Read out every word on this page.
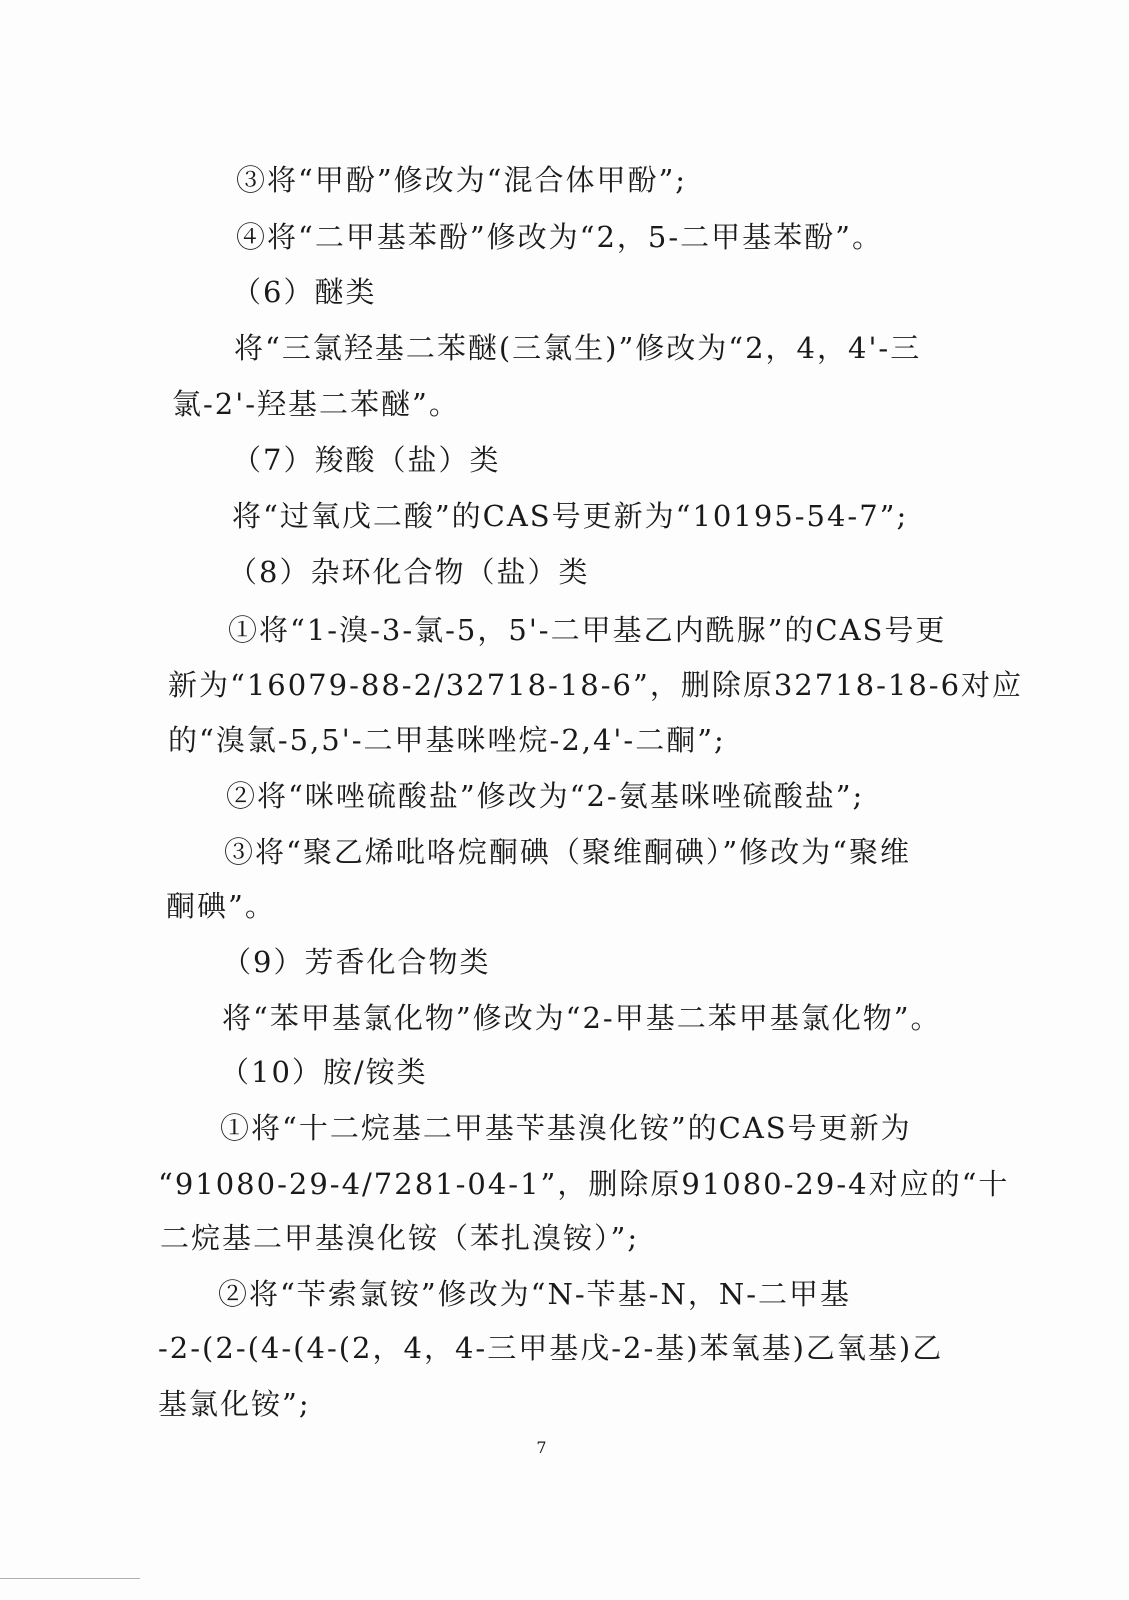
③将“甲酚”修改为“混合体甲酚”;
④将“二甲基苯酚”修改为“2，5-二甲基苯酚”。
（6）醚类
将“三氯羟基二苯醚(三氯生)”修改为“2，4，4'-三
氯-2'-羟基二苯醚”。
（7）羧酸（盐）类
将“过氧戊二酸”的CAS号更新为“10195-54-7”;
（8）杂环化合物（盐）类
①将“1-溴-3-氯-5，5'-二甲基乙内酰脲”的CAS号更
新为“16079-88-2/32718-18-6”，删除原32718-18-6对应
的“溴氯-5,5'-二甲基咪唑烷-2,4'-二酮”;
②将“咪唑硫酸盐”修改为“2-氨基咪唑硫酸盐”;
③将“聚乙烯吡咯烷酮碘（聚维酮碘）”修改为“聚维
酮碘”。
（9）芳香化合物类
将“苯甲基氯化物”修改为“2-甲基二苯甲基氯化物”。
（10）胺/铵类
①将“十二烷基二甲基苄基溴化铵”的CAS号更新为
“91080-29-4/7281-04-1”，删除原91080-29-4对应的“十
二烷基二甲基溴化铵（苯扎溴铵）”;
②将“苄索氯铵”修改为“N-苄基-N，N-二甲基
-2-(2-(4-(4-(2，4，4-三甲基戊-2-基)苯氧基)乙氧基)乙
基氯化铵”;
7
